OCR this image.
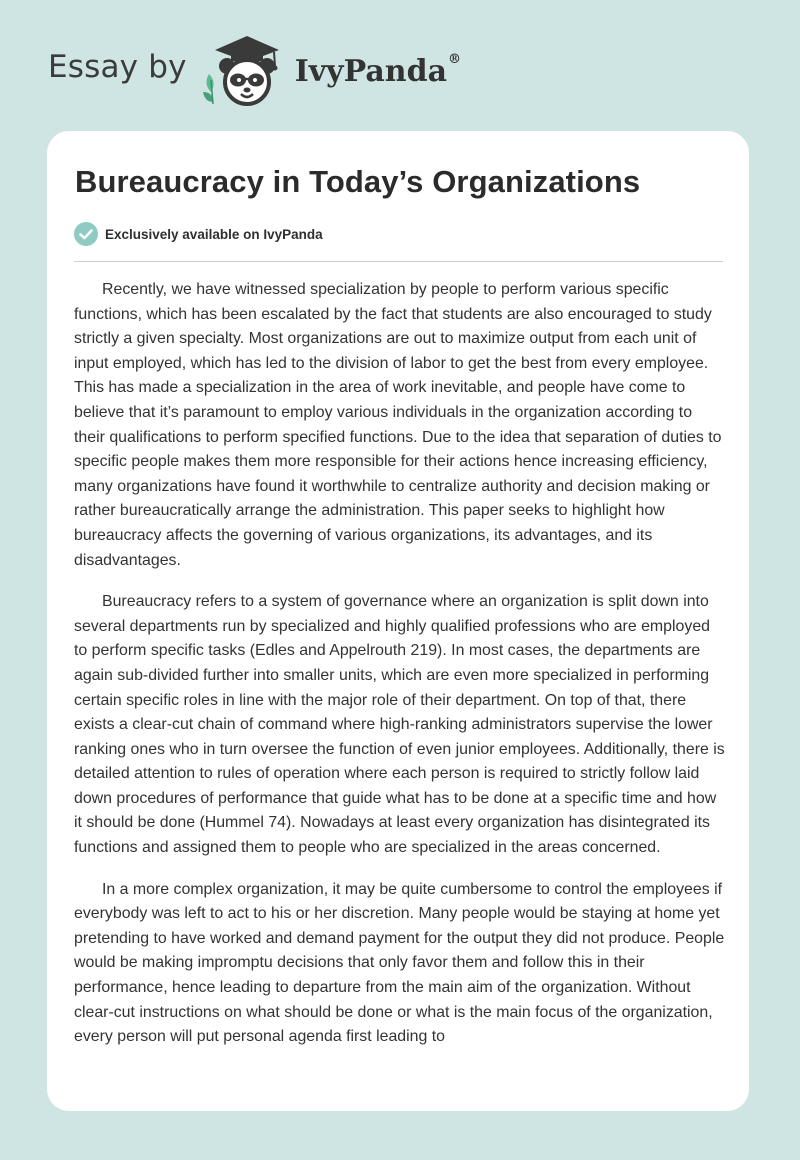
Essay by	IvyPanda®
Bureaucracy in Today’s Organizations
Exclusively available on IvyPanda

Recently, we have witnessed specialization by people to perform various specific functions, which has been escalated by the fact that students are also encouraged to study strictly a given specialty. Most organizations are out to maximize output from each unit of input employed, which has led to the division of labor to get the best from every employee. This has made a specialization in the area of work inevitable, and people have come to believe that it’s paramount to employ various individuals in the organization according to their qualifications to perform specified functions. Due to the idea that separation of duties to specific people makes them more responsible for their actions hence increasing efficiency, many organizations have found it worthwhile to centralize authority and decision making or rather bureaucratically arrange the administration. This paper seeks to highlight how bureaucracy affects the governing of various organizations, its advantages, and its disadvantages.

Bureaucracy refers to a system of governance where an organization is split down into several departments run by specialized and highly qualified professions who are employed to perform specific tasks (Edles and Appelrouth 219). In most cases, the departments are again sub-divided further into smaller units, which are even more specialized in performing certain specific roles in line with the major role of their department. On top of that, there exists a clear-cut chain of command where high-ranking administrators supervise the lower ranking ones who in turn oversee the function of even junior employees. Additionally, there is detailed attention to rules of operation where each person is required to strictly follow laid down procedures of performance that guide what has to be done at a specific time and how it should be done (Hummel 74). Nowadays at least every organization has disintegrated its functions and assigned them to people who are specialized in the areas concerned.

In a more complex organization, it may be quite cumbersome to control the employees if everybody was left to act to his or her discretion. Many people would be staying at home yet pretending to have worked and demand payment for the output they did not produce. People would be making impromptu decisions that only favor them and follow this in their performance, hence leading to departure from the main aim of the organization. Without clear-cut instructions on what should be done or what is the main focus of the organization, every person will put personal agenda first leading to
